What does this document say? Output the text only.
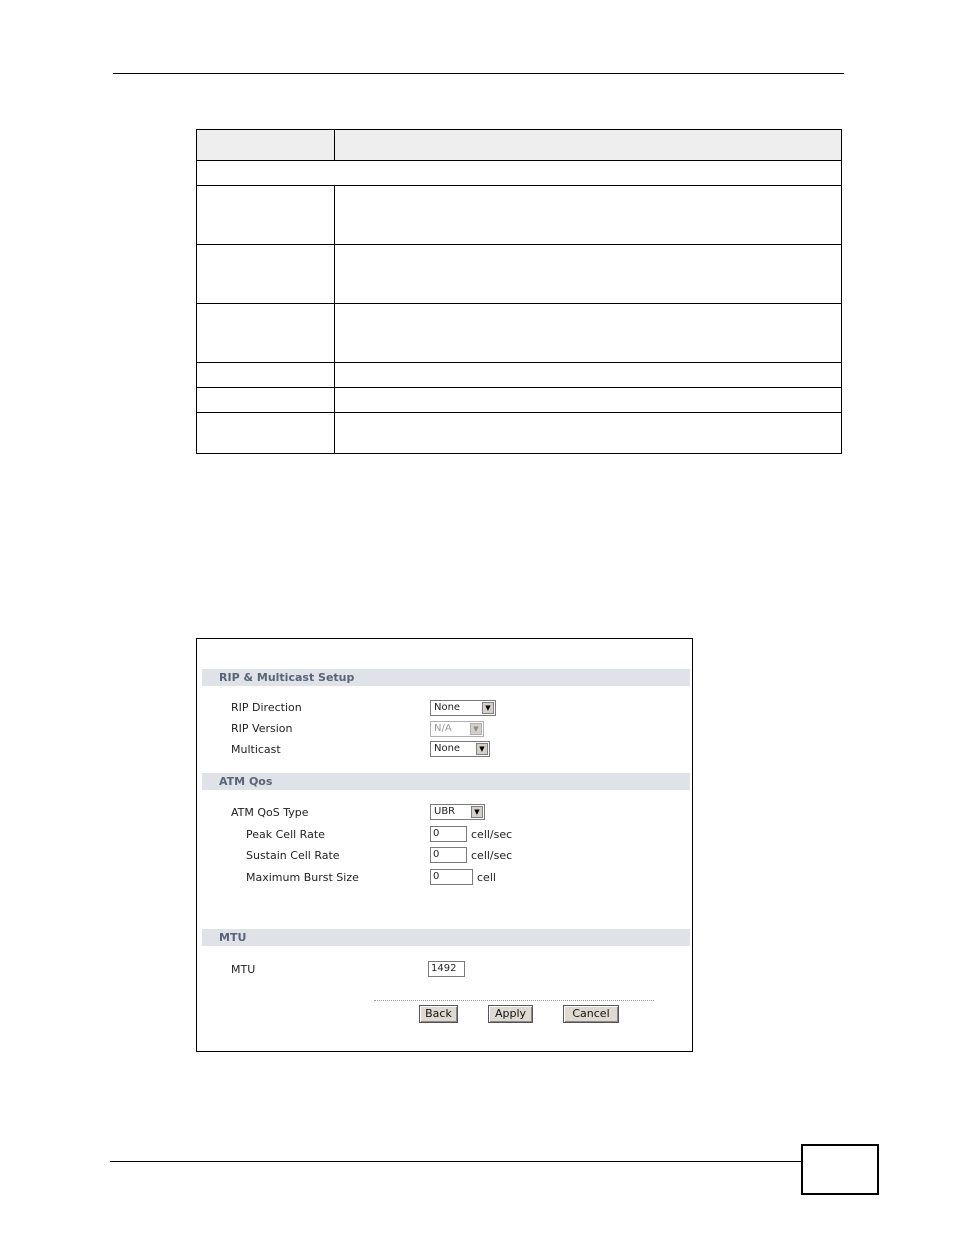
RIP & Multicast Setup
RIP Direction	None	▼
RIP Version	N/A	▼
Multicast	None	▼
ATM Qos
ATM QoS Type	UBR	▼
Peak Cell Rate	0	cell/sec
Sustain Cell Rate	0	cell/sec
Maximum Burst Size	0	cell
MTU
MTU	1492
Back	Apply	Cancel
